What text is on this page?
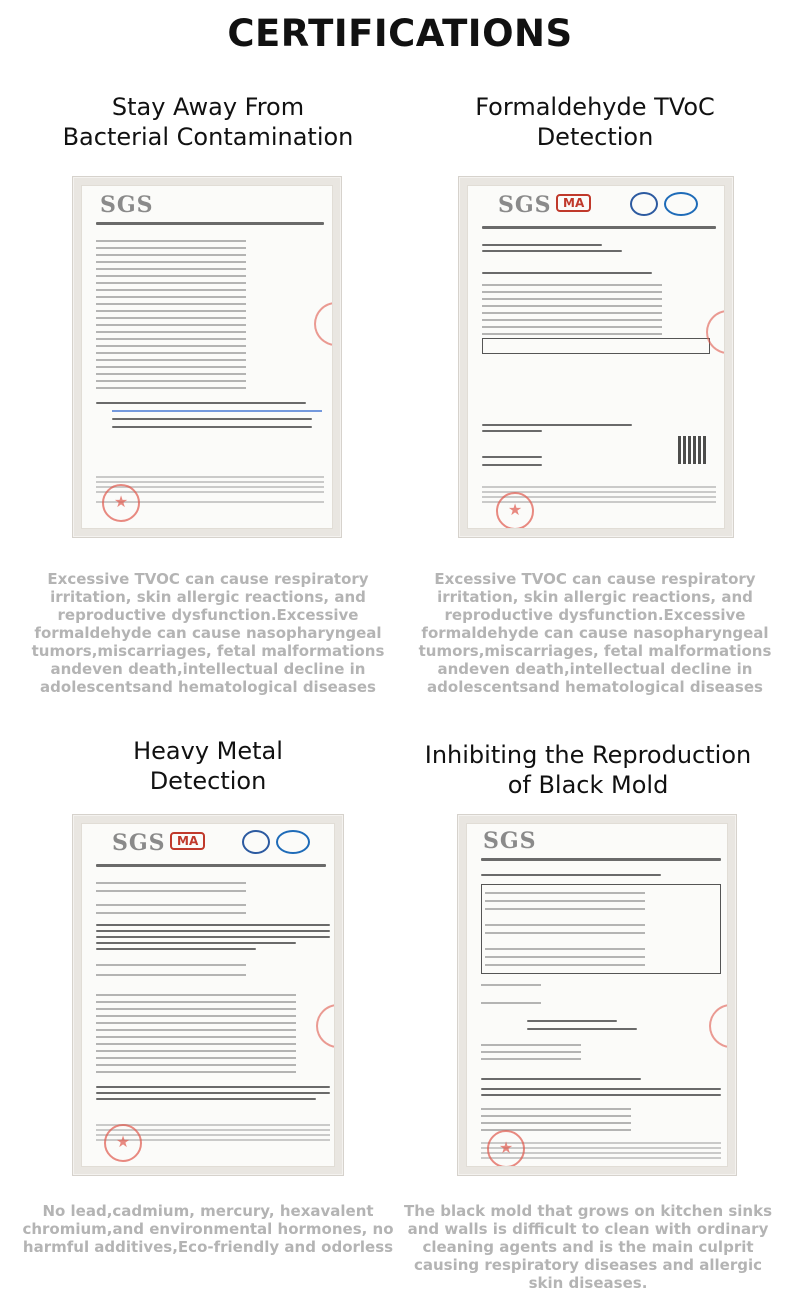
CERTIFICATIONS
Stay Away From
Bacterial Contamination
SGS
★
Excessive TVOC can cause respiratory irritation, skin allergic reactions, and reproductive dysfunction.Excessive formaldehyde can cause nasopharyngeal tumors,miscarriages, fetal malformations andeven death,intellectual decline in adolescentsand hematological diseases
Formaldehyde TVoC
Detection
SGS MA
★
Excessive TVOC can cause respiratory irritation, skin allergic reactions, and reproductive dysfunction.Excessive formaldehyde can cause nasopharyngeal tumors,miscarriages, fetal malformations andeven death,intellectual decline in adolescentsand hematological diseases
Heavy Metal
Detection
SGS MA
★
No lead,cadmium, mercury, hexavalent chromium,and environmental hormones, no harmful additives,Eco-friendly and odorless
Inhibiting the Reproduction
of Black Mold
SGS
★
The black mold that grows on kitchen sinks and walls is difficult to clean with ordinary cleaning agents and is the main culprit causing respiratory diseases and allergic skin diseases.
